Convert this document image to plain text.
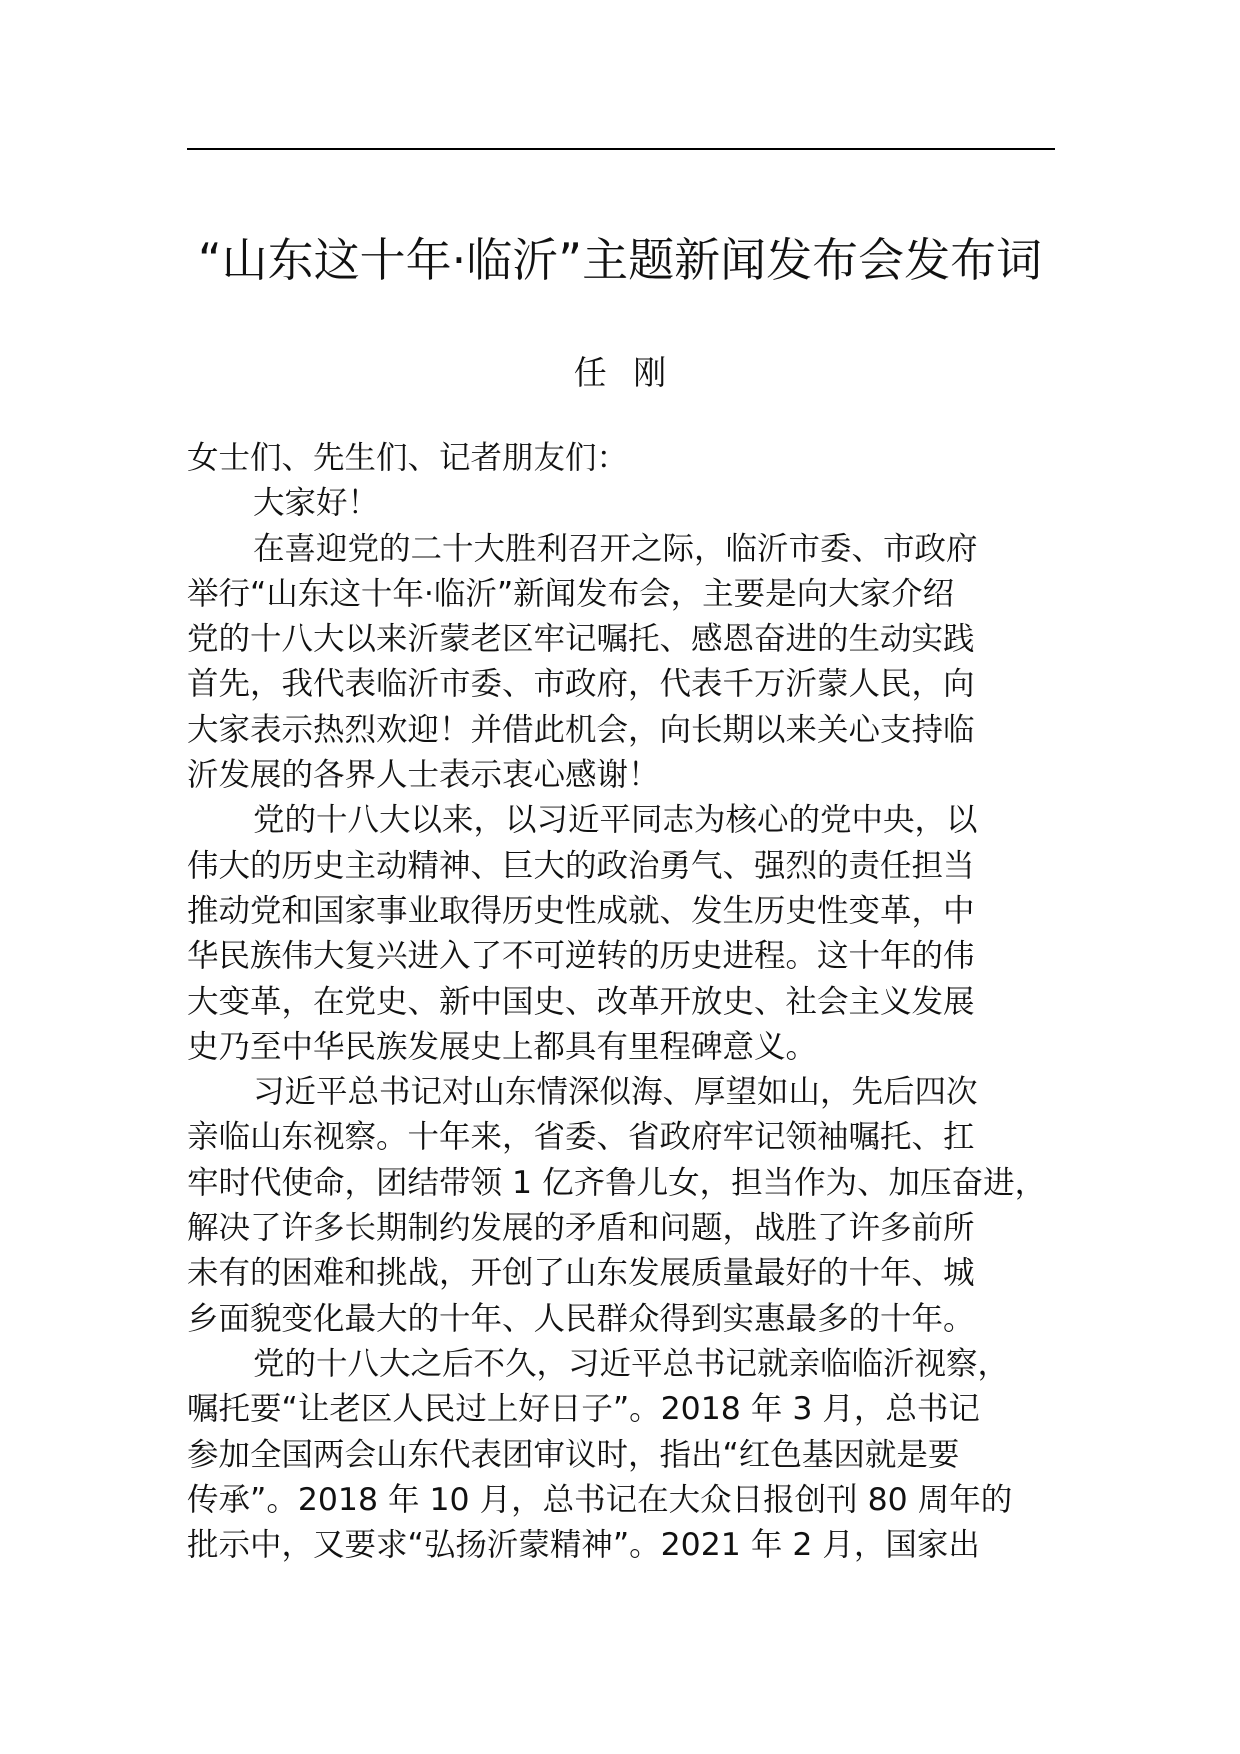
“山东这十年·临沂”主题新闻发布会发布词
任 刚
女士们、先生们、记者朋友们：
大家好！
在喜迎党的二十大胜利召开之际，临沂市委、市政府
举行“山东这十年·临沂”新闻发布会，主要是向大家介绍
党的十八大以来沂蒙老区牢记嘱托、感恩奋进的生动实践
首先，我代表临沂市委、市政府，代表千万沂蒙人民，向
大家表示热烈欢迎！并借此机会，向长期以来关心支持临
沂发展的各界人士表示衷心感谢！
党的十八大以来，以习近平同志为核心的党中央，以
伟大的历史主动精神、巨大的政治勇气、强烈的责任担当
推动党和国家事业取得历史性成就、发生历史性变革，中
华民族伟大复兴进入了不可逆转的历史进程。这十年的伟
大变革，在党史、新中国史、改革开放史、社会主义发展
史乃至中华民族发展史上都具有里程碑意义。
习近平总书记对山东情深似海、厚望如山，先后四次
亲临山东视察。十年来，省委、省政府牢记领袖嘱托、扛
牢时代使命，团结带领 1 亿齐鲁儿女，担当作为、加压奋进，
解决了许多长期制约发展的矛盾和问题，战胜了许多前所
未有的困难和挑战，开创了山东发展质量最好的十年、城
乡面貌变化最大的十年、人民群众得到实惠最多的十年。
党的十八大之后不久，习近平总书记就亲临临沂视察，
嘱托要“让老区人民过上好日子”。2018 年 3 月，总书记
参加全国两会山东代表团审议时，指出“红色基因就是要
传承”。2018 年 10 月，总书记在大众日报创刊 80 周年的
批示中，又要求“弘扬沂蒙精神”。2021 年 2 月，国家出
